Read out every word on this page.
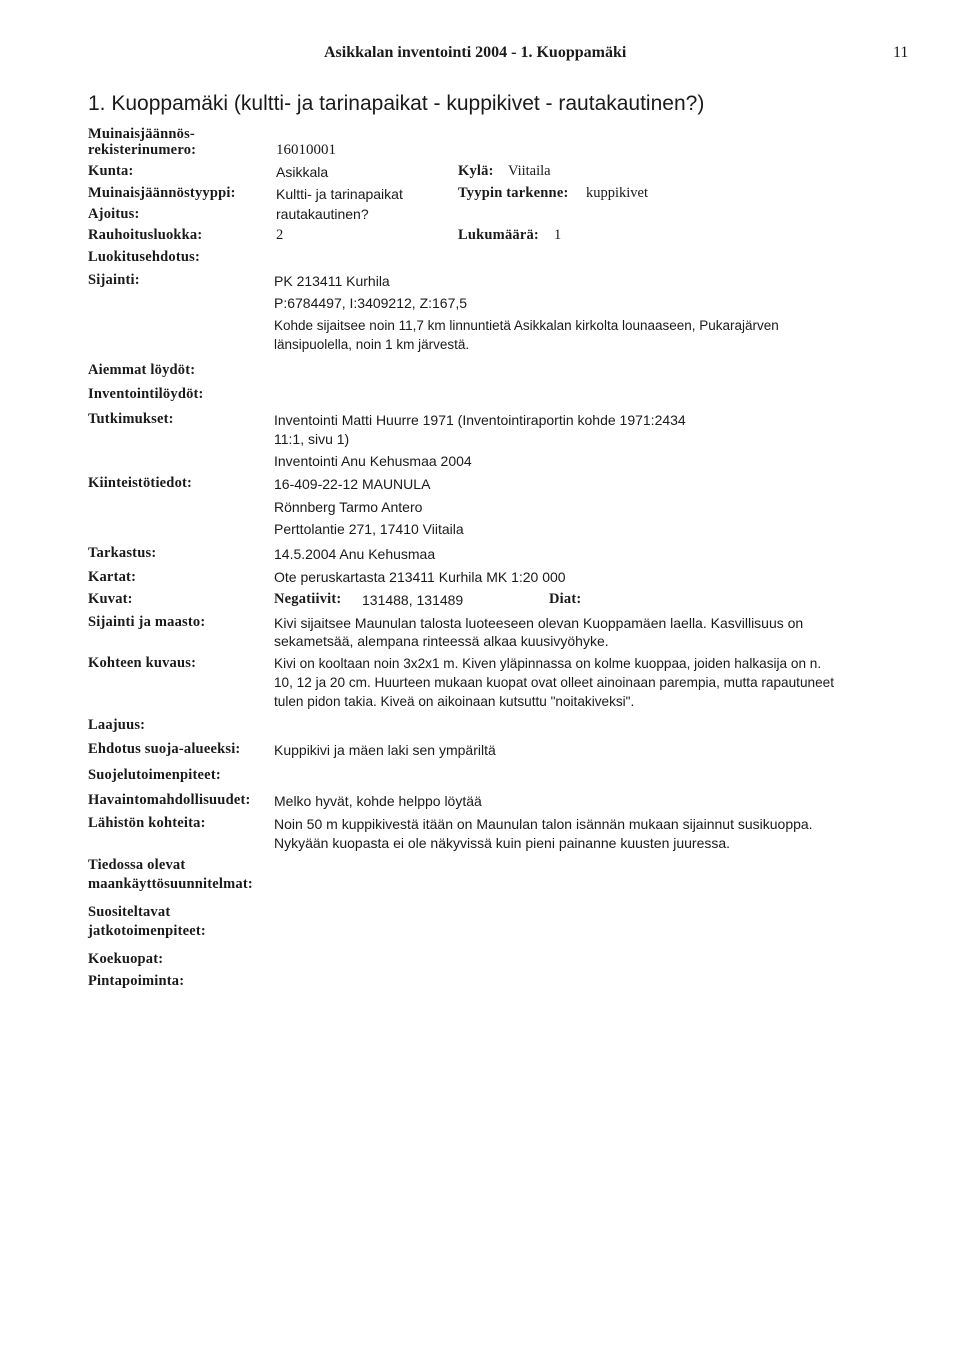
Asikkalan inventointi 2004 - 1. Kuoppamäki	11
1. Kuoppamäki (kultti- ja tarinapaikat - kuppikivet - rautakautinen?)
Muinaisjäännös-
rekisterinumero:
Kunta:
Muinaisjäännöstyyppi:
Ajoitus:
Rauhoitusluokka:
Luokitusehdotus:
Sijainti:
Aiemmat löydöt:
Inventointilöydöt:
Tutkimukset:
Kiinteistötiedot:
Tarkastus:
Kartat:
Kuvat:
Sijainti ja maasto:
Kohteen kuvaus:
Laajuus:
Ehdotus suoja-alueeksi:
Suojelutoimenpiteet:
Havaintomahdollisuudet:
Lähistön kohteita:
Tiedossa olevat
maankäyttösuunnitelmat:
Suositeltavat
jatkotoimenpiteet:
Koekuopat:
Pintapoiminta:
16010001
Asikkala
Kultti- ja tarinapaikat
rautakautinen?
2
Kylä: Viitaila
Tyypin tarkenne: kuppikivet
Lukumäärä: 1
PK 213411 Kurhila
P:6784497, I:3409212, Z:167,5
Kohde sijaitsee noin 11,7 km linnuntietä Asikkalan kirkolta lounaaseen, Pukarajärven
länsipuolella, noin 1 km järvestä.
Inventointi Matti Huurre 1971 (Inventointiraportin kohde 1971:2434
11:1, sivu 1)
Inventointi Anu Kehusmaa 2004
16-409-22-12 MAUNULA
Rönnberg Tarmo Antero
Perttolantie 271, 17410 Viitaila
14.5.2004 Anu Kehusmaa
Ote peruskartasta 213411 Kurhila MK 1:20 000
Negatiivit: 131488, 131489	Diat:
Kivi sijaitsee Maunulan talosta luoteeseen olevan Kuoppamäen laella. Kasvillisuus on
sekametsää, alempana rinteessä alkaa kuusivyöhyke.
Kivi on kooltaan noin 3x2x1 m. Kiven yläpinnassa on kolme kuoppaa, joiden halkasija on n.
10, 12 ja 20 cm. Huurteen mukaan kuopat ovat olleet ainoinaan parempia, mutta rapautuneet
tulen pidon takia. Kiveä on aikoinaan kutsuttu "noitakiveksi".
Kuppikivi ja mäen laki sen ympäriltä
Melko hyvät, kohde helppo löytää
Noin 50 m kuppikivestä itään on Maunulan talon isännän mukaan sijainnut susikuoppa.
Nykyään kuopasta ei ole näkyvissä kuin pieni painanne kuusten juuressa.
